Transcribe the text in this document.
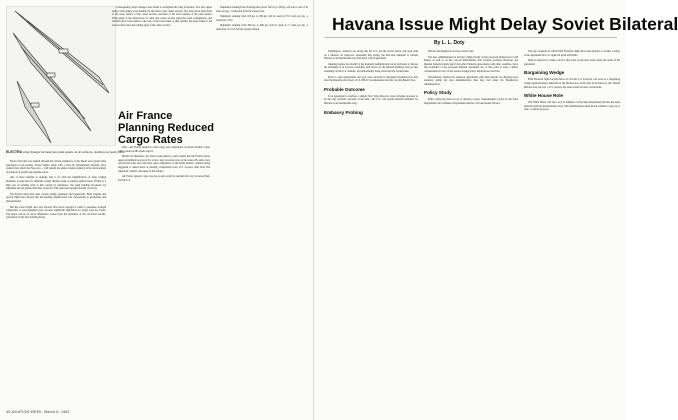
ELECTRA wing changes included new skin panels on all surfaces, doublers on beam webs.

Electra fold that was pushed through the violent turbulence of the Ream were greater than anticipated accel-erations. These flights, made with a heav-ily instrumented airplane, have yielded data which the FAA says ... will benefit the entire aviation industry in the development of methods of predict-ing airplane stress.

One of those benefits to industry had to do with the simplification of wing loading moments. A wing has two different, widely distinct peaks or equally applied loads. If there is a high rate of bending such as that caused by turbulence, the wing bending mo-ments are amplified and are greater than they would be if the rapid load applied steadily or slowly.

The Electra must then meet current design standards and regulations. Both original and special flight tests showed that the bending amplification was com-parable to predictions and measurements.

But the stored flight tests also showed that severe enough is truth to guarantee strength comparable to pas-tongement type, because significant differences in wings were not found. The major reason for those differences comes from the dynamics of the out-board nacelle, particularly in the first bending mode.

Consequently, major changes were made to strengthen the wing in tension. Two new upper surface skin panels were installed in the entire outer center section. Two more have been fitted to the lower surface of the center section, and three to the lower surface of the outer panels. Wing panel at the intersection of outer and center section panel has been strengthened, and doublers have been added to the web of the front beam. A skin doubler has been added to the lower surface near the trailing edge of the center section.

Air France Planning Reduced Cargo Rates

Paris—Air France intends to meet cargo rate competition on North Atlantic routes when current tariffs expire April 1.

Michel de Villeneuve, Air France sales director, said recently that the French carrier seeks government ap-proval for a new cargo rate struc-ture on the routes. He said a new official said such rates will meet open competition on the North Atlantic. Airlines being suggested is aimed more at meeting competition from U.S. car-riers than from Pan American, which is shooting on this subject.

Air France general cargo rate pro-posals would be applied this way be-tween Paris and the U.S.

Shipments running from 45 kilograms (about 100 lb.) to 99 kg. will earn a rate of 30 cents per kg., a reduction from the current rate.

Shipments running from 100 kg. to 299 kg. will be rated at 53.5 cents per kg., a reduction of 6%.

Shipments running from 300 kg. to 499 kg. will be rated at 71 cents per kg., a reduction of 11% from the present charge.

40 AVIATION WEEK, March 6, 1961
Havana Issue Might Delay Soviet Bilateral
By L. L. Doty

Washington—Chances are strong that the U.S. and the Soviet Union will open talks on a bilateral air trans-port agreement this spring, but Rus-sian demands to include Havana as an intermediate stop will delay a final agreement.

Opening gesture last month by the Kennedy Administration in an invitation to discuss the exchange of air services extending with moves by the Russian Embassy here to take soundings on the U.S. attitude, will undoubtedly bring about the first formal talks.

Plans to open negotiations last year were canceled by President Eisenhower in July after the Russians shot down a U.S. RB-47 reconnaissance aircraft over the Barents Sea.

Probable Outcome

If an agreement is reached, a simple New York–Moscow route exchange ap-pears to be the only probable outcome of the talks. The U.S. will require Russian demands for Havana as an intermediate stop.

Embassy Probing

Havana and Reykjavik as stops on the route.

The new Administration is placing a high priority on the proposed bilateral pact with Russia as well as on the over-all international civil aviation problem. However, the Russian bilateral stands apart from other bilateral agree-ments with other countries, since the economics of the proposed Russian agreement are, at this point at least, a minor consideration in view of the serious foreign policy implications involved.

Nevertheless, bilateral air transport agreements with other nations are drawing more attention within the new Administration than they had under the Eisenhower Administration.

Policy Study

Policy study has been set up to develop a more comprehensive policy by the State Department, the Commerce Department and the Civil Aeronautics Board.

The one exception in which Fifth Freedom rights have been granted to another country is the agreement the U.S. signed in April with India.

India is expected to make a bid for this route on the next treaty under the terms of the agreement.

Bargaining Wedge

Fifth Freedom rights beyond Mos-cow for the U.S. however, can serve as a bargaining wedge against Russia's demands for the Havana stop on the New York–Moscow run. Should Havana drop out over a U.S. answer, the issue would become a touchstone.

White House Role

The White House will also carry its influence on the State Department because the issue embroils intricate international policy. The Administration must decide whether to give in or seek a counter proposal.
